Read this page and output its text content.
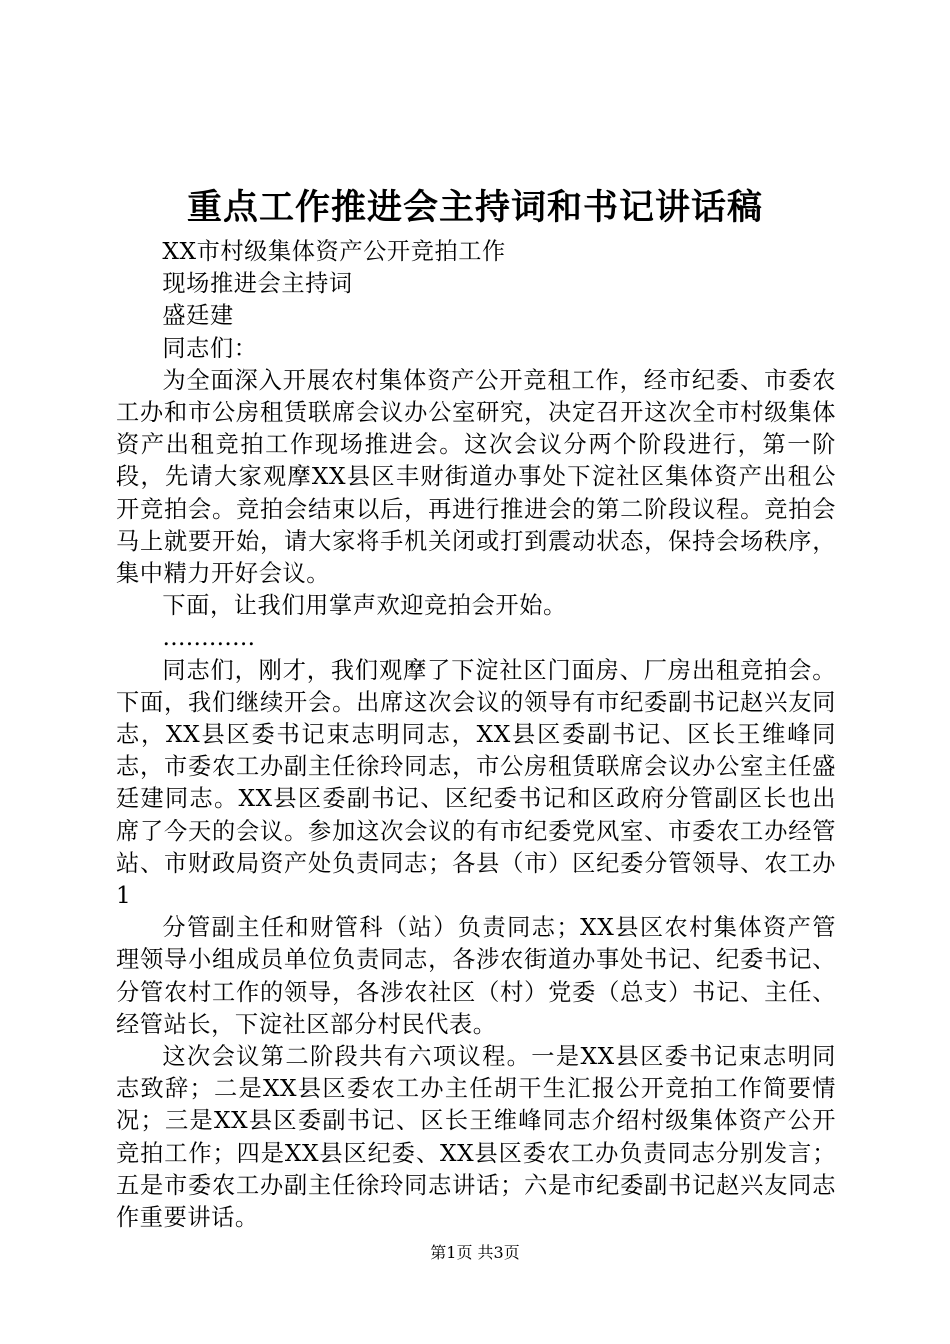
重点工作推进会主持词和书记讲话稿

XX市村级集体资产公开竞拍工作

现场推进会主持词

盛廷建

同志们：

为全面深入开展农村集体资产公开竞租工作，经市纪委、市委农工办和市公房租赁联席会议办公室研究，决定召开这次全市村级集体资产出租竞拍工作现场推进会。这次会议分两个阶段进行，第一阶段，先请大家观摩XX县区丰财街道办事处下淀社区集体资产出租公开竞拍会。竞拍会结束以后，再进行推进会的第二阶段议程。竞拍会马上就要开始，请大家将手机关闭或打到震动状态，保持会场秩序，集中精力开好会议。

下面，让我们用掌声欢迎竞拍会开始。

…………

同志们，刚才，我们观摩了下淀社区门面房、厂房出租竞拍会。下面，我们继续开会。出席这次会议的领导有市纪委副书记赵兴友同志，XX县区委书记束志明同志，XX县区委副书记、区长王维峰同志，市委农工办副主任徐玲同志，市公房租赁联席会议办公室主任盛廷建同志。XX县区委副书记、区纪委书记和区政府分管副区长也出席了今天的会议。参加这次会议的有市纪委党风室、市委农工办经管站、市财政局资产处负责同志；各县（市）区纪委分管领导、农工办1

分管副主任和财管科（站）负责同志；XX县区农村集体资产管理领导小组成员单位负责同志，各涉农街道办事处书记、纪委书记、分管农村工作的领导，各涉农社区（村）党委（总支）书记、主任、经管站长，下淀社区部分村民代表。

这次会议第二阶段共有六项议程。一是XX县区委书记束志明同志致辞；二是XX县区委农工办主任胡干生汇报公开竞拍工作简要情况；三是XX县区委副书记、区长王维峰同志介绍村级集体资产公开竞拍工作；四是XX县区纪委、XX县区委农工办负责同志分别发言；五是市委农工办副主任徐玲同志讲话；六是市纪委副书记赵兴友同志作重要讲话。

第1页 共3页
